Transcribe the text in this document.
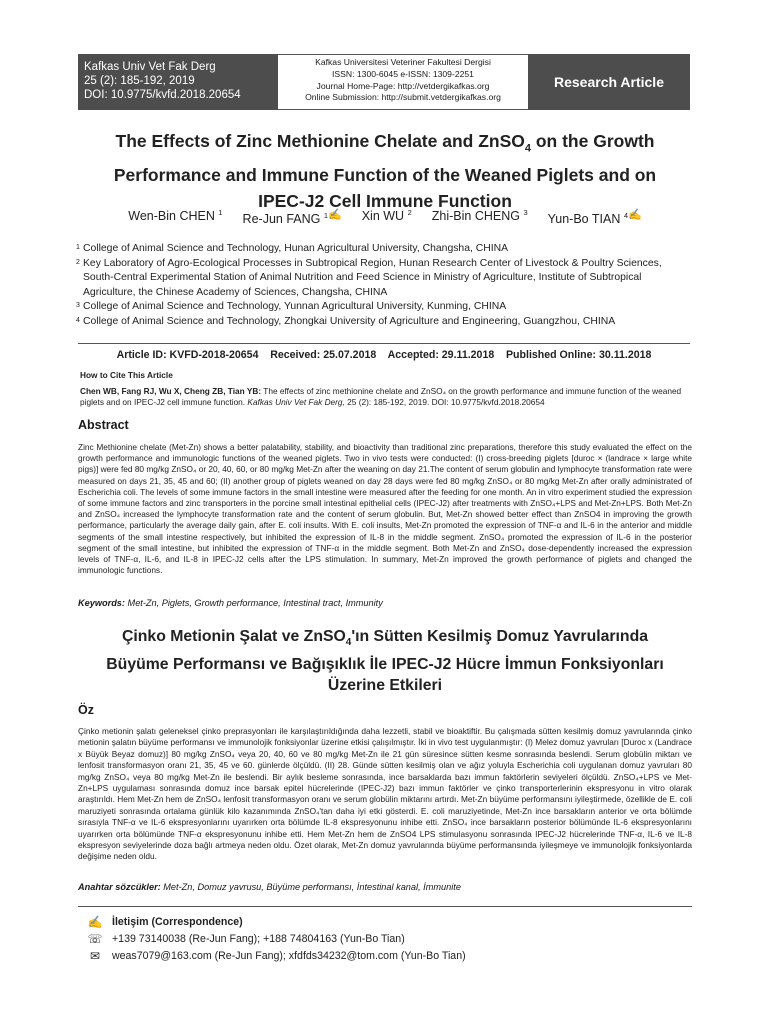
Kafkas Univ Vet Fak Derg
25 (2): 185-192, 2019
DOI: 10.9775/kvfd.2018.20654
Kafkas Universitesi Veteriner Fakultesi Dergisi
ISSN: 1300-6045 e-ISSN: 1309-2251
Journal Home-Page: http://vetdergikafkas.org
Online Submission: http://submit.vetdergikafkas.org
Research Article
The Effects of Zinc Methionine Chelate and ZnSO$_4$ on the Growth
Performance and Immune Function of the Weaned Piglets and on
IPEC-J2 Cell Immune Function
Wen-Bin CHEN $^1$ Re-Jun FANG $^1$✍ Xin WU $^2$ Zhi-Bin CHENG $^3$ Yun-Bo TIAN $^4$✍
1 College of Animal Science and Technology, Hunan Agricultural University, Changsha, CHINA
2 Key Laboratory of Agro-Ecological Processes in Subtropical Region, Hunan Research Center of Livestock & Poultry Sciences, South-Central Experimental Station of Animal Nutrition and Feed Science in Ministry of Agriculture, Institute of Subtropical Agriculture, the Chinese Academy of Sciences, Changsha, CHINA
3 College of Animal Science and Technology, Yunnan Agricultural University, Kunming, CHINA
4 College of Animal Science and Technology, Zhongkai University of Agriculture and Engineering, Guangzhou, CHINA
Article ID: KVFD-2018-20654    Received: 25.07.2018    Accepted: 29.11.2018    Published Online: 30.11.2018
How to Cite This Article
Chen WB, Fang RJ, Wu X, Cheng ZB, Tian YB: The effects of zinc methionine chelate and ZnSO₄ on the growth performance and immune function of the weaned piglets and on IPEC-J2 cell immune function. Kafkas Univ Vet Fak Derg, 25 (2): 185-192, 2019. DOI: 10.9775/kvfd.2018.20654
Abstract
Zinc Methionine chelate (Met-Zn) shows a better palatability, stability, and bioactivity than traditional zinc preparations, therefore this study evaluated the effect on the growth performance and immunologic functions of the weaned piglets. Two in vivo tests were conducted: (I) cross-breeding piglets [duroc × (landrace × large white pigs)] were fed 80 mg/kg ZnSO₄ or 20, 40, 60, or 80 mg/kg Met-Zn after the weaning on day 21.The content of serum globulin and lymphocyte transformation rate were measured on days 21, 35, 45 and 60; (II) another group of piglets weaned on day 28 days were fed 80 mg/kg ZnSO₄ or 80 mg/kg Met-Zn after orally administrated of Escherichia coli. The levels of some immune factors in the small intestine were measured after the feeding for one month. An in vitro experiment studied the expression of some immune factors and zinc transporters in the porcine small intestinal epithelial cells (IPEC-J2) after treatments with ZnSO₄+LPS and Met-Zn+LPS. Both Met-Zn and ZnSO₄ increased the lymphocyte transformation rate and the content of serum globulin. But, Met-Zn showed better effect than ZnSO4 in improving the growth performance, particularly the average daily gain, after E. coli insults. With E. coli insults, Met-Zn promoted the expression of TNF-α and IL-6 in the anterior and middle segments of the small intestine respectively, but inhibited the expression of IL-8 in the middle segment. ZnSO₄ promoted the expression of IL-6 in the posterior segment of the small intestine, but inhibited the expression of TNF-α in the middle segment. Both Met-Zn and ZnSO₄ dose-dependently increased the expression levels of TNF-α, IL-6, and IL-8 in IPEC-J2 cells after the LPS stimulation. In summary, Met-Zn improved the growth performance of piglets and changed the immunologic functions.
Keywords: Met-Zn, Piglets, Growth performance, Intestinal tract, Immunity
Çinko Metionin Şalat ve ZnSO$_4$'ın Sütten Kesilmiş Domuz Yavrularında
Büyüme Performansı ve Bağışıklık İle IPEC-J2 Hücre İmmun Fonksiyonları
Üzerine Etkileri
Öz
Çinko metionin şalatı geleneksel çinko preprasyonları ile karşılaştırıldığında daha lezzetli, stabil ve bioaktiftir. Bu çalışmada sütten kesilmiş domuz yavrularında çinko metionin şalatın büyüme performansı ve immunolojik fonksiyonlar üzerine etkisi çalışılmıştır. İki in vivo test uygulanmıştır: (I) Melez domuz yavruları [Duroc x (Landrace x Büyük Beyaz domuz)] 80 mg/kg ZnSO₄ veya 20, 40, 60 ve 80 mg/kg Met-Zn ile 21 gün süresince sütten kesme sonrasında beslendi. Serum globülin miktarı ve lenfosit transformasyon oranı 21, 35, 45 ve 60. günlerde ölçüldü. (II) 28. Günde sütten kesilmiş olan ve ağız yoluyla Escherichia coli uygulanan domuz yavruları 80 mg/kg ZnSO₄ veya 80 mg/kg Met-Zn ile beslendi. Bir aylık besleme sonrasında, ince barsaklarda bazı immun faktörlerin seviyeleri ölçüldü. ZnSO₄+LPS ve Met-Zn+LPS uygulaması sonrasında domuz ince barsak epitel hücrelerinde (IPEC-J2) bazı immun faktörler ve çinko transporterlerinin ekspresyonu in vitro olarak araştırıldı. Hem Met-Zn hem de ZnSO₄ lenfosit transformasyon oranı ve serum globülin miktarını artırdı. Met-Zn büyüme performansını iyileştirmede, özellikle de E. coli maruziyeti sonrasında ortalama günlük kilo kazanımında ZnSO₄'tan daha iyi etki gösterdi. E. coli maruziyetinde, Met-Zn ince barsakların anterior ve orta bölümde sırasıyla TNF-α ve IL-6 ekspresyonlarını uyarırken orta bölümde IL-8 ekspresyonunu inhibe etti. ZnSO₄ ince barsakların posterior bölümünde IL-6 ekspresyonlarını uyarırken orta bölümünde TNF-α ekspresyonunu inhibe etti. Hem Met-Zn hem de ZnSO4 LPS stimulasyonu sonrasında IPEC-J2 hücrelerinde TNF-α, IL-6 ve IL-8 ekspresyon seviyelerinde doza bağlı artmeya neden oldu. Özet olarak, Met-Zn domuz yavrularında büyüme performansında iyileşmeye ve immunolojik fonksiyonlarda değişime neden oldu.
Anahtar sözcükler: Met-Zn, Domuz yavrusu, Büyüme performansı, İntestinal kanal, İmmunite
✍ İletişim (Correspondence)
☏ +139 73140038 (Re-Jun Fang); +188 74804163 (Yun-Bo Tian)
✉	weas7079@163.com (Re-Jun Fang); xfdfds34232@tom.com (Yun-Bo Tian)
